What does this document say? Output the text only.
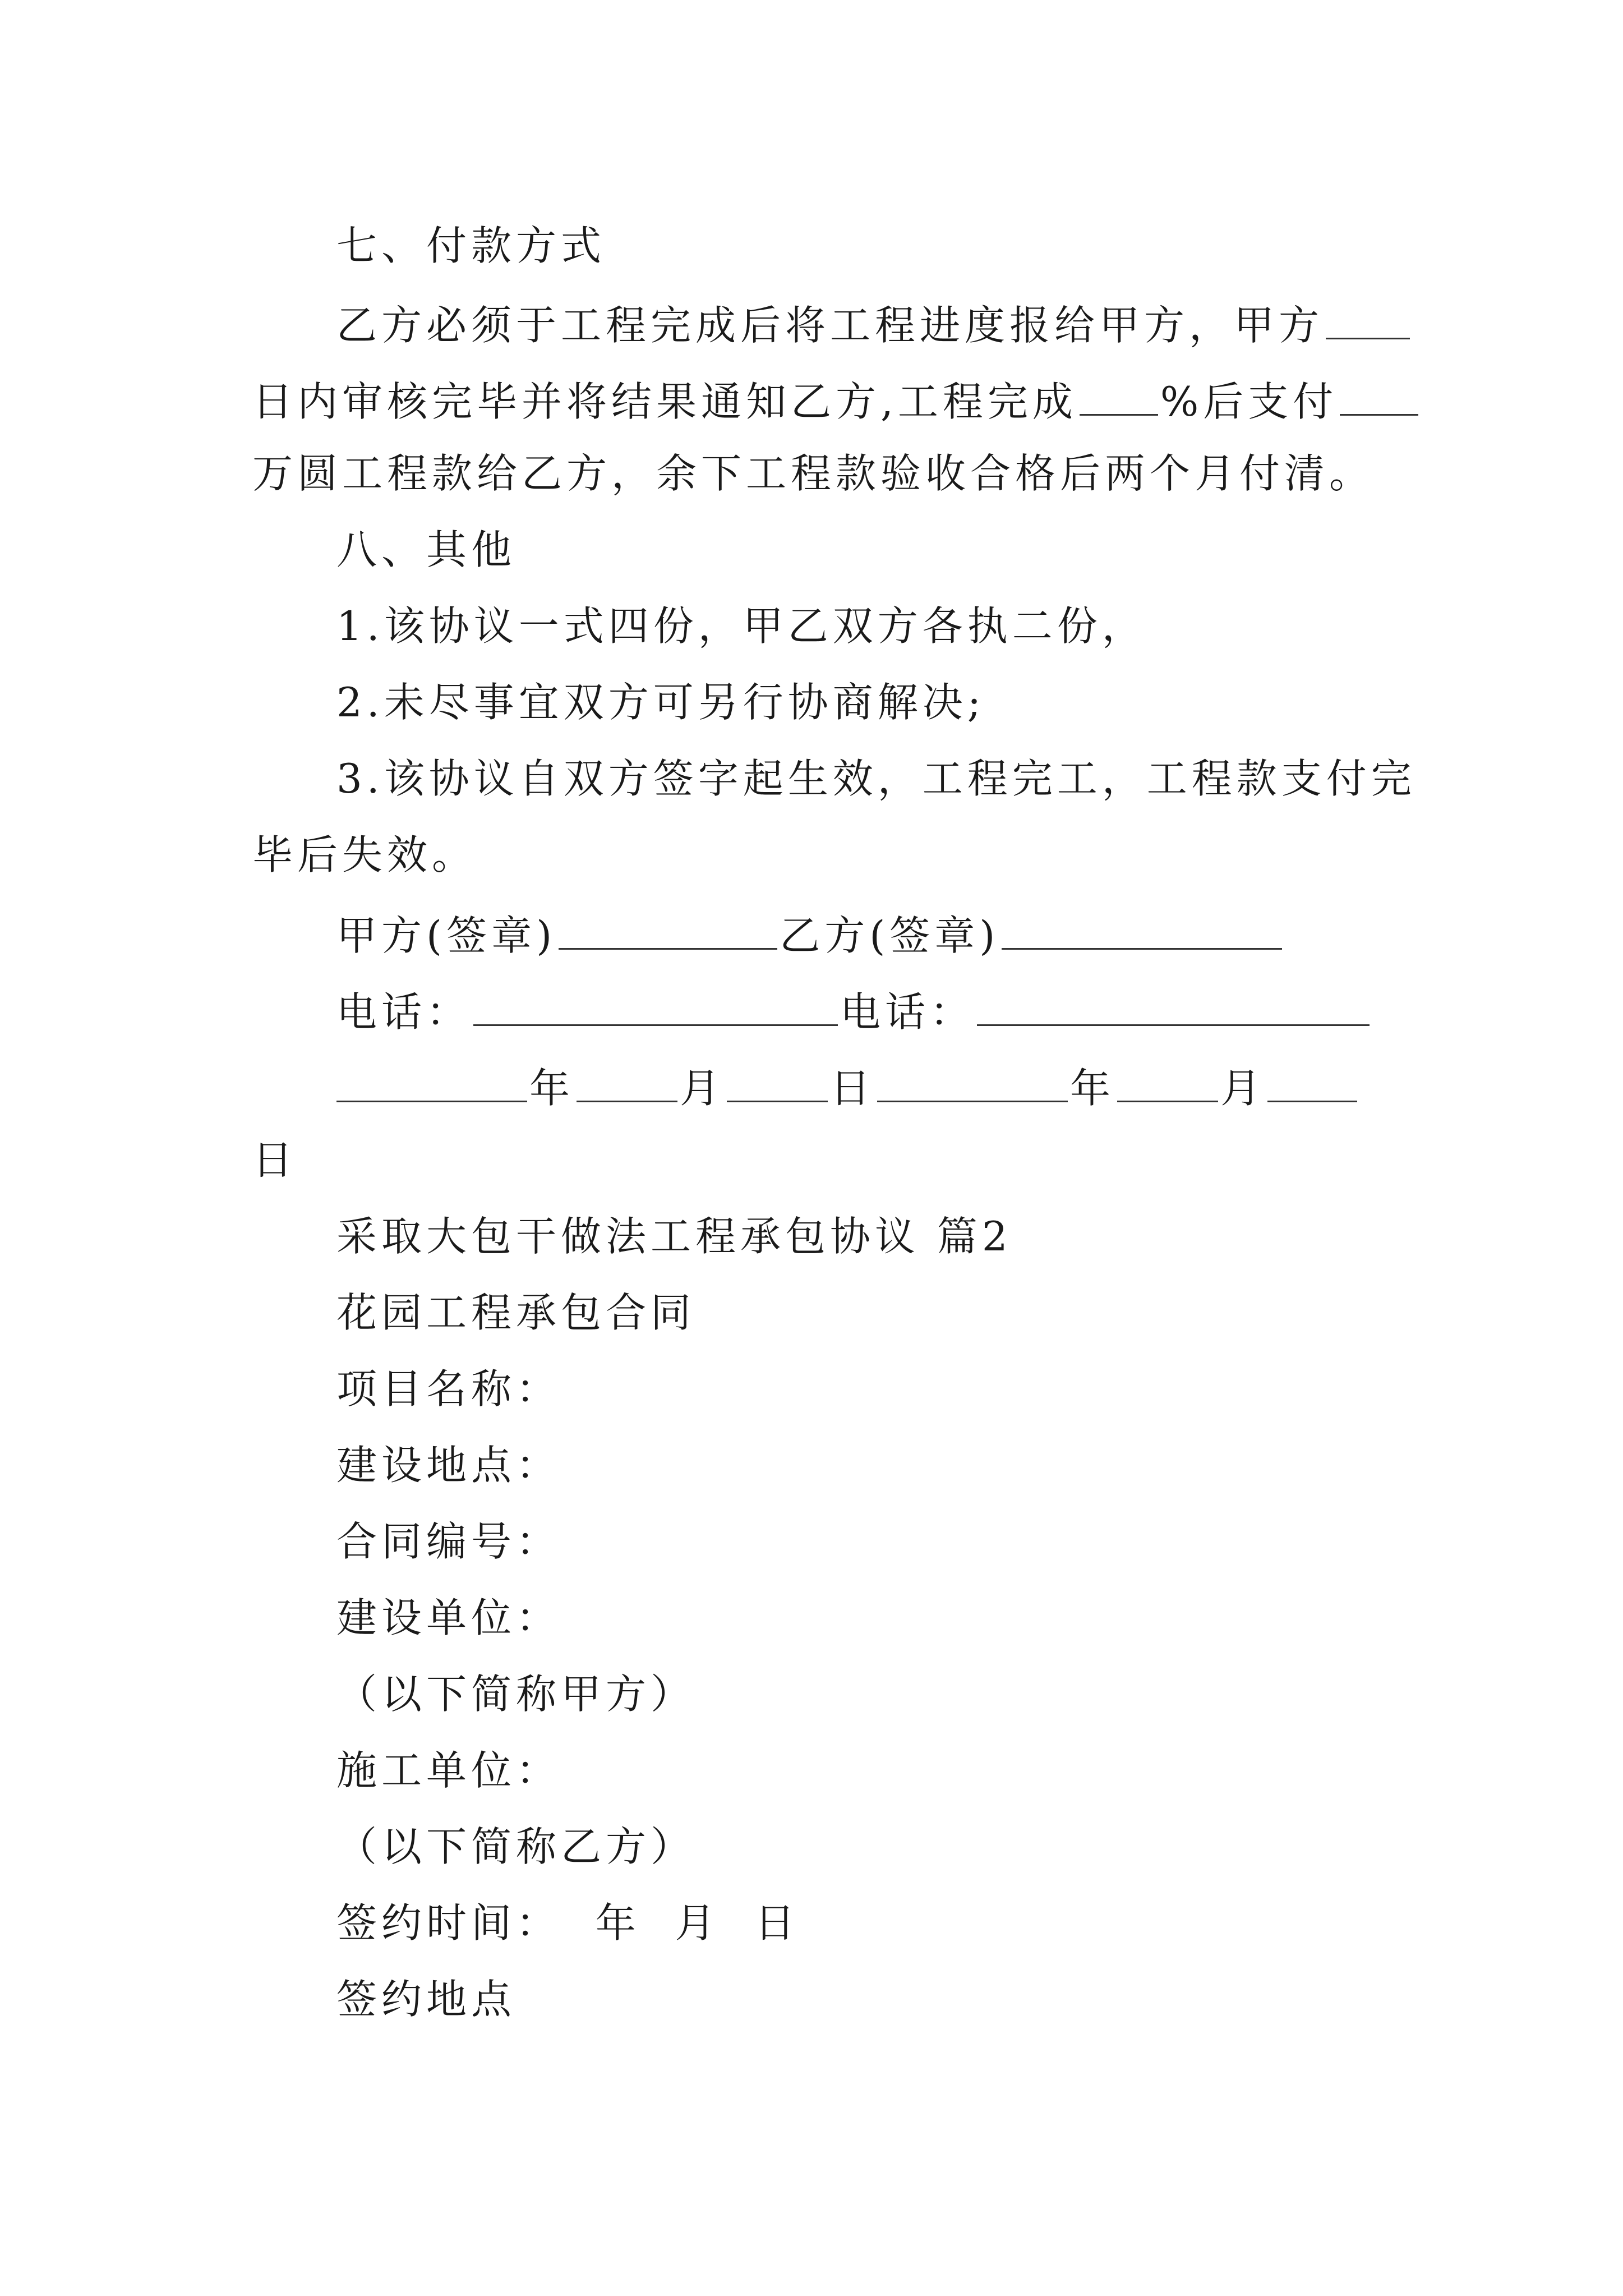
七、付款方式
乙方必须于工程完成后将工程进度报给甲方，甲方
日内审核完毕并将结果通知乙方,工程完成 %后支付
万圆工程款给乙方，余下工程款验收合格后两个月付清。
八、其他
1.该协议一式四份，甲乙双方各执二份，
2.未尽事宜双方可另行协商解决;
3.该协议自双方签字起生效，工程完工，工程款支付完
毕后失效。
甲方(签章)	乙方(签章)
电话：	电话：
年	月	日	年	月
日
采取大包干做法工程承包协议 篇2
花园工程承包合同
项目名称：
建设地点：
合同编号：
建设单位：
（以下简称甲方）
施工单位：
（以下简称乙方）
签约时间：  年  月  日
签约地点
